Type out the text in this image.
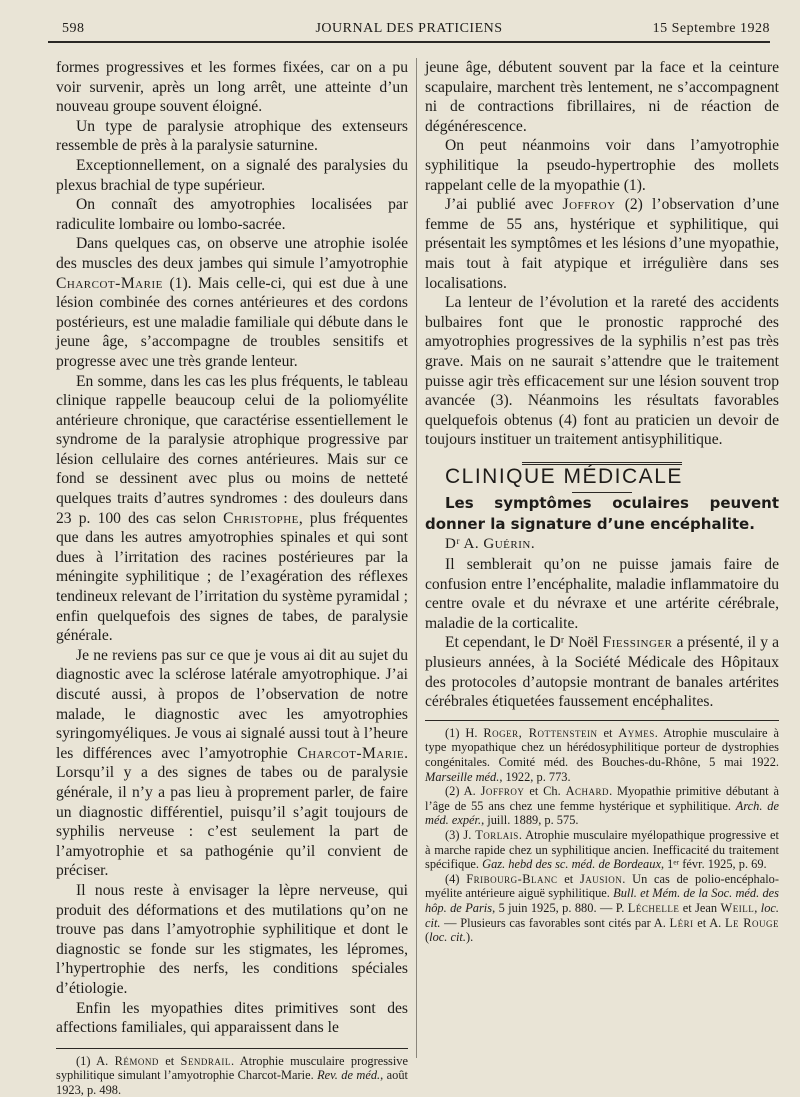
598	JOURNAL DES PRATICIENS	15 Septembre 1928

formes progressives et les formes fixées, car on a pu voir survenir, après un long arrêt, une atteinte d’un nouveau groupe souvent éloigné.

Un type de paralysie atrophique des extenseurs ressemble de près à la paralysie saturnine.

Exceptionnellement, on a signalé des paralysies du plexus brachial de type supérieur.

On connaît des amyotrophies localisées par radiculite lombaire ou lombo-sacrée.

Dans quelques cas, on observe une atrophie isolée des muscles des deux jambes qui simule l’amyotrophie Charcot-Marie (1). Mais celle-ci, qui est due à une lésion combinée des cornes antérieures et des cordons postérieurs, est une maladie familiale qui débute dans le jeune âge, s’accompagne de troubles sensitifs et progresse avec une très grande lenteur.

En somme, dans les cas les plus fréquents, le tableau clinique rappelle beaucoup celui de la poliomyélite antérieure chronique, que caractérise essentiellement le syndrome de la paralysie atrophique progressive par lésion cellulaire des cornes antérieures. Mais sur ce fond se dessinent avec plus ou moins de netteté quelques traits d’autres syndromes : des douleurs dans 23 p. 100 des cas selon Christophe, plus fréquentes que dans les autres amyotrophies spinales et qui sont dues à l’irritation des racines postérieures par la méningite syphilitique ; de l’exagération des réflexes tendineux relevant de l’irritation du système pyramidal ; enfin quelquefois des signes de tabes, de paralysie générale.

Je ne reviens pas sur ce que je vous ai dit au sujet du diagnostic avec la sclérose latérale amyotrophique. J’ai discuté aussi, à propos de l’observation de notre malade, le diagnostic avec les amyotrophies syringomyéliques. Je vous ai signalé aussi tout à l’heure les différences avec l’amyotrophie Charcot-Marie. Lorsqu’il y a des signes de tabes ou de paralysie générale, il n’y a pas lieu à proprement parler, de faire un diagnostic différentiel, puisqu’il s’agit toujours de syphilis nerveuse : c’est seulement la part de l’amyotrophie et sa pathogénie qu’il convient de préciser.

Il nous reste à envisager la lèpre nerveuse, qui produit des déformations et des mutilations qu’on ne trouve pas dans l’amyotrophie syphilitique et dont le diagnostic se fonde sur les stigmates, les lépromes, l’hypertrophie des nerfs, les conditions spéciales d’étiologie.

Enfin les myopathies dites primitives sont des affections familiales, qui apparaissent dans le

(1) A. Rémond et Sendrail. Atrophie musculaire progressive syphilitique simulant l’amyotrophie Charcot-Marie. Rev. de méd., août 1923, p. 498.

jeune âge, débutent souvent par la face et la ceinture scapulaire, marchent très lentement, ne s’accompagnent ni de contractions fibrillaires, ni de réaction de dégénérescence.

On peut néanmoins voir dans l’amyotrophie syphilitique la pseudo-hypertrophie des mollets rappelant celle de la myopathie (1).

J’ai publié avec Joffroy (2) l’observation d’une femme de 55 ans, hystérique et syphilitique, qui présentait les symptômes et les lésions d’une myopathie, mais tout à fait atypique et irrégulière dans ses localisations.

La lenteur de l’évolution et la rareté des accidents bulbaires font que le pronostic rapproché des amyotrophies progressives de la syphilis n’est pas très grave. Mais on ne saurait s’attendre que le traitement puisse agir très efficacement sur une lésion souvent trop avancée (3). Néanmoins les résultats favorables quelquefois obtenus (4) font au praticien un devoir de toujours instituer un traitement antisyphilitique.

CLINIQUE MÉDICALE

Les symptômes oculaires peuvent donner la signature d’une encéphalite.

Dʳ A. Guérin.

Il semblerait qu’on ne puisse jamais faire de confusion entre l’encéphalite, maladie inflammatoire du centre ovale et du névraxe et une artérite cérébrale, maladie de la corticalite.

Et cependant, le Dʳ Noël Fiessinger a présenté, il y a plusieurs années, à la Société Médicale des Hôpitaux des protocoles d’autopsie montrant de banales artérites cérébrales étiquetées faussement encéphalites.

(1) H. Roger, Rottenstein et Aymes. Atrophie musculaire à type myopathique chez un hérédosyphilitique porteur de dystrophies congénitales. Comité méd. des Bouches-du-Rhône, 5 mai 1922. Marseille méd., 1922, p. 773.

(2) A. Joffroy et Ch. Achard. Myopathie primitive débutant à l’âge de 55 ans chez une femme hystérique et syphilitique. Arch. de méd. expér., juill. 1889, p. 575.

(3) J. Torlais. Atrophie musculaire myélopathique progressive et à marche rapide chez un syphilitique ancien. Inefficacité du traitement spécifique. Gaz. hebd des sc. méd. de Bordeaux, 1ᵉʳ févr. 1925, p. 69.

(4) Fribourg-Blanc et Jausion. Un cas de polio-encéphalo-myélite antérieure aiguë syphilitique. Bull. et Mém. de la Soc. méd. des hôp. de Paris, 5 juin 1925, p. 880. — P. Léchelle et Jean Weill, loc. cit. — Plusieurs cas favorables sont cités par A. Léri et A. Le Rouge (loc. cit.).
